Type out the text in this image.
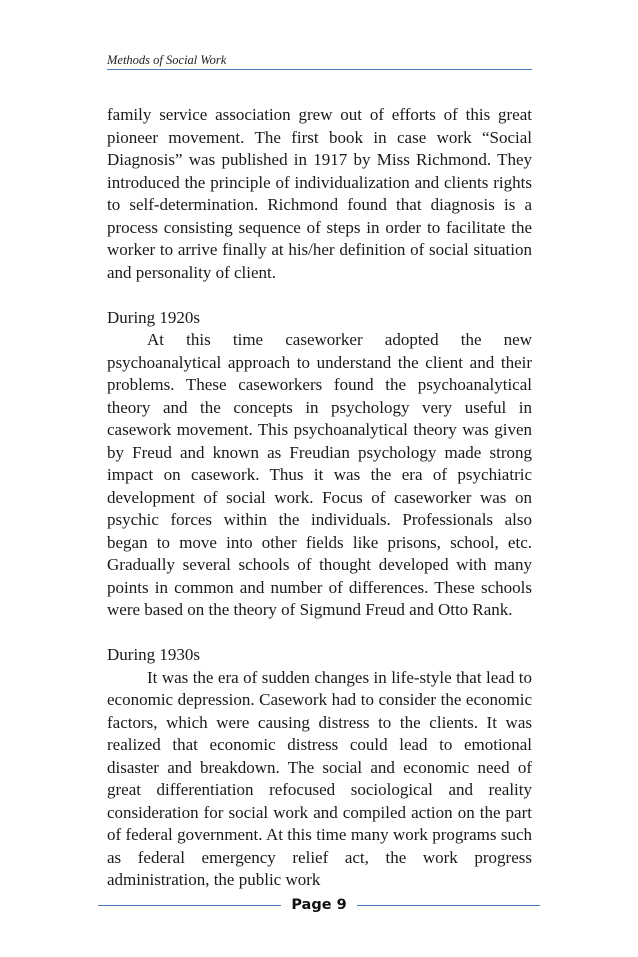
Methods of Social Work

family service association grew out of efforts of this great pioneer movement. The first book in case work “Social Diagnosis” was published in 1917 by Miss Richmond. They introduced the principle of individualization and clients rights to self-determination. Richmond found that diagnosis is a process consisting sequence of steps in order to facilitate the worker to arrive finally at his/her definition of social situation and personality of client.

During 1920s

At this time caseworker adopted the new psychoanalytical approach to understand the client and their problems. These caseworkers found the psychoanalytical theory and the concepts in psychology very useful in casework movement. This psychoanalytical theory was given by Freud and known as Freudian psychology made strong impact on casework. Thus it was the era of psychiatric development of social work. Focus of caseworker was on psychic forces within the individuals. Professionals also began to move into other fields like prisons, school, etc. Gradually several schools of thought developed with many points in common and number of differences. These schools were based on the theory of Sigmund Freud and Otto Rank.

During 1930s

It was the era of sudden changes in life-style that lead to economic depression. Casework had to consider the economic factors, which were causing distress to the clients. It was realized that economic distress could lead to emotional disaster and breakdown. The social and economic need of great differentiation refocused sociological and reality consideration for social work and compiled action on the part of federal government. At this time many work programs such as federal emergency relief act, the work progress administration, the public work

Page 9
